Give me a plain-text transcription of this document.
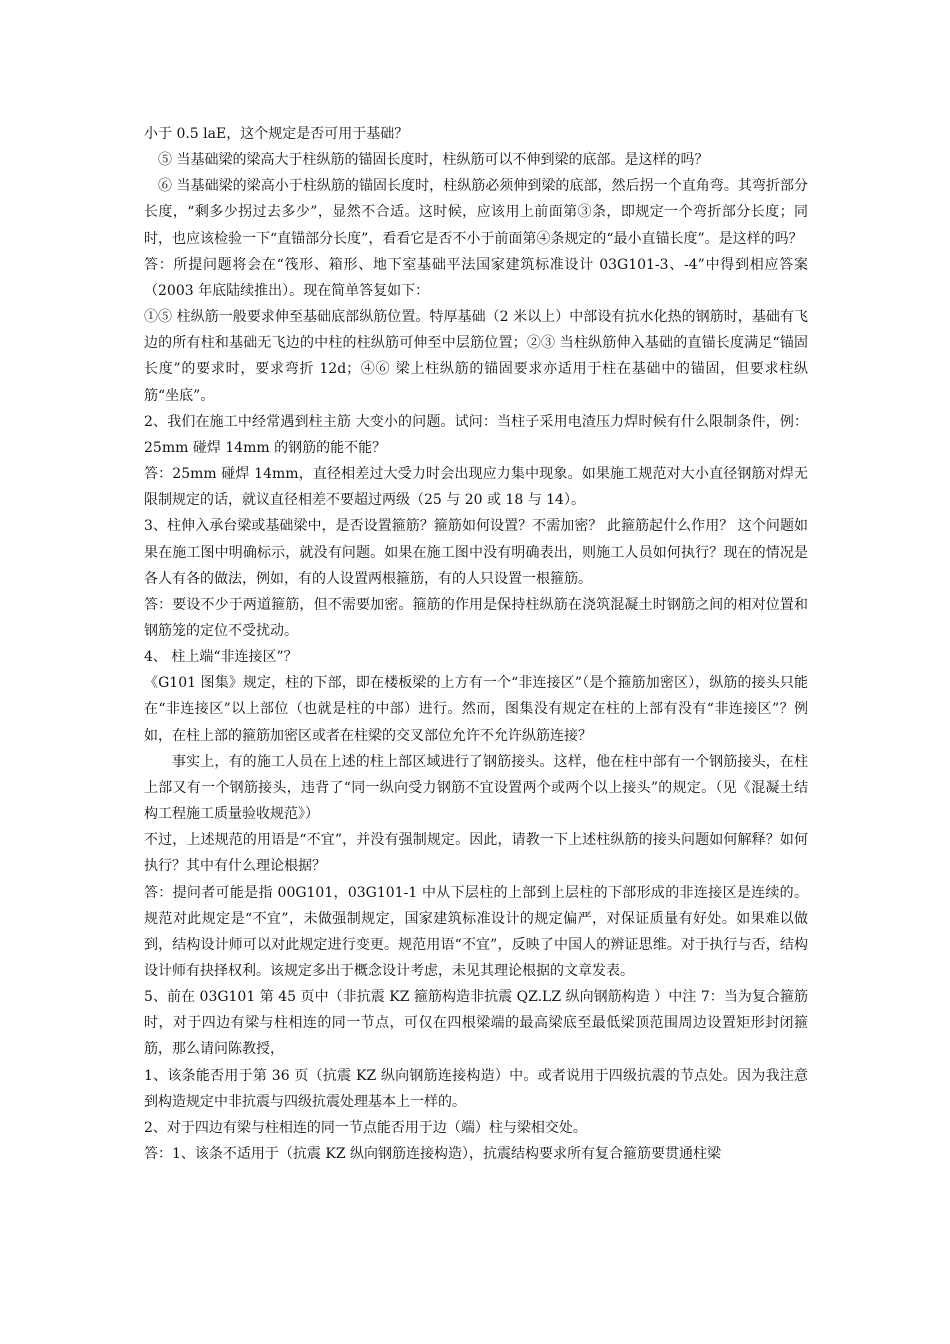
小于 0.5 laE，这个规定是否可用于基础？

⑤ 当基础梁的梁高大于柱纵筋的锚固长度时，柱纵筋可以不伸到梁的底部。是这样的吗？

⑥ 当基础梁的梁高小于柱纵筋的锚固长度时，柱纵筋必须伸到梁的底部，然后拐一个直角弯。其弯折部分长度，“剩多少拐过去多少”，显然不合适。这时候，应该用上前面第③条，即规定一个弯折部分长度；同时，也应该检验一下“直锚部分长度”，看看它是否不小于前面第④条规定的“最小直锚长度”。是这样的吗？

答：所提问题将会在“筏形、箱形、地下室基础平法国家建筑标准设计 03G101-3、-4”中得到相应答案（2003 年底陆续推出）。现在简单答复如下：

①⑤ 柱纵筋一般要求伸至基础底部纵筋位置。特厚基础（2 米以上）中部设有抗水化热的钢筋时，基础有飞边的所有柱和基础无飞边的中柱的柱纵筋可伸至中层筋位置；②③ 当柱纵筋伸入基础的直锚长度满足“锚固长度”的要求时，要求弯折 12d；④⑥ 梁上柱纵筋的锚固要求亦适用于柱在基础中的锚固，但要求柱纵筋“坐底”。

2、我们在施工中经常遇到柱主筋 大变小的问题。试问：当柱子采用电渣压力焊时候有什么限制条件，例：25mm 碰焊 14mm 的钢筋的能不能？

答：25mm 碰焊 14mm，直径相差过大受力时会出现应力集中现象。如果施工规范对大小直径钢筋对焊无限制规定的话，就议直径相差不要超过两级（25 与 20 或 18 与 14）。

3、柱伸入承台梁或基础梁中，是否设置箍筋？箍筋如何设置？不需加密？ 此箍筋起什么作用？ 这个问题如果在施工图中明确标示，就没有问题。如果在施工图中没有明确表出，则施工人员如何执行？现在的情况是各人有各的做法，例如，有的人设置两根箍筋，有的人只设置一根箍筋。

答：要设不少于两道箍筋，但不需要加密。箍筋的作用是保持柱纵筋在浇筑混凝土时钢筋之间的相对位置和钢筋笼的定位不受扰动。

4、 柱上端“非连接区”？

《G101 图集》规定，柱的下部，即在楼板梁的上方有一个“非连接区”（是个箍筋加密区），纵筋的接头只能在“非连接区”以上部位（也就是柱的中部）进行。然而，图集没有规定在柱的上部有没有“非连接区”？例如，在柱上部的箍筋加密区或者在柱梁的交叉部位允许不允许纵筋连接？

事实上，有的施工人员在上述的柱上部区域进行了钢筋接头。这样，他在柱中部有一个钢筋接头，在柱上部又有一个钢筋接头，违背了“同一纵向受力钢筋不宜设置两个或两个以上接头”的规定。（见《混凝土结构工程施工质量验收规范》）

不过，上述规范的用语是“不宜”，并没有强制规定。因此，请教一下上述柱纵筋的接头问题如何解释？如何执行？其中有什么理论根据？

答：提问者可能是指 00G101，03G101-1 中从下层柱的上部到上层柱的下部形成的非连接区是连续的。规范对此规定是“不宜”，未做强制规定，国家建筑标准设计的规定偏严，对保证质量有好处。如果难以做到，结构设计师可以对此规定进行变更。规范用语“不宜”，反映了中国人的辨证思维。对于执行与否，结构设计师有抉择权利。该规定多出于概念设计考虑，未见其理论根据的文章发表。

5、前在 03G101 第 45 页中（非抗震 KZ 箍筋构造非抗震 QZ.LZ 纵向钢筋构造 ）中注 7：当为复合箍筋时，对于四边有梁与柱相连的同一节点，可仅在四根梁端的最高梁底至最低梁顶范围周边设置矩形封闭箍筋，那么请问陈教授，

1、该条能否用于第 36 页（抗震 KZ 纵向钢筋连接构造）中。或者说用于四级抗震的节点处。因为我注意到构造规定中非抗震与四级抗震处理基本上一样的。

2、对于四边有梁与柱相连的同一节点能否用于边（端）柱与梁相交处。

答：1、该条不适用于（抗震 KZ 纵向钢筋连接构造），抗震结构要求所有复合箍筋要贯通柱梁
